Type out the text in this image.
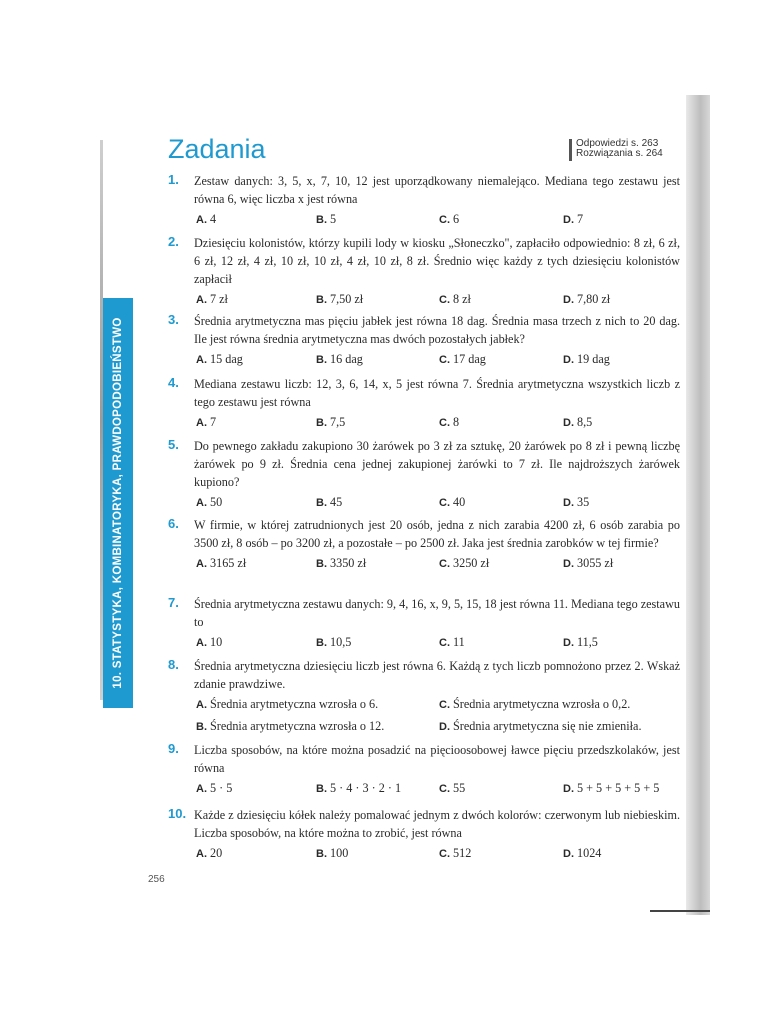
10. STATYSTYKA, KOMBINATORYKA, PRAWDOPODOBIEŃSTWO
Zadania	Odpowiedzi s. 263
Rozwiązania s. 264
1. Zestaw danych: 3, 5, x, 7, 10, 12 jest uporządkowany niemalejąco. Mediana tego zestawu jest równa 6, więc liczba x jest równa
A. 4	B. 5	C. 6	D. 7
2. Dziesięciu kolonistów, którzy kupili lody w kiosku „Słoneczko", zapłaciło odpowiednio: 8 zł, 6 zł, 6 zł, 12 zł, 4 zł, 10 zł, 10 zł, 4 zł, 10 zł, 8 zł. Średnio więc każdy z tych dziesięciu kolonistów zapłacił
A. 7 zł	B. 7,50 zł	C. 8 zł	D. 7,80 zł
3. Średnia arytmetyczna mas pięciu jabłek jest równa 18 dag. Średnia masa trzech z nich to 20 dag. Ile jest równa średnia arytmetyczna mas dwóch pozostałych jabłek?
A. 15 dag	B. 16 dag	C. 17 dag	D. 19 dag
4. Mediana zestawu liczb: 12, 3, 6, 14, x, 5 jest równa 7. Średnia arytmetyczna wszystkich liczb z tego zestawu jest równa
A. 7	B. 7,5	C. 8	D. 8,5
5. Do pewnego zakładu zakupiono 30 żarówek po 3 zł za sztukę, 20 żarówek po 8 zł i pewną liczbę żarówek po 9 zł. Średnia cena jednej zakupionej żarówki to 7 zł. Ile najdroższych żarówek kupiono?
A. 50	B. 45	C. 40	D. 35
6. W firmie, w której zatrudnionych jest 20 osób, jedna z nich zarabia 4200 zł, 6 osób zarabia po 3500 zł, 8 osób – po 3200 zł, a pozostałe – po 2500 zł. Jaka jest średnia zarobków w tej firmie?
A. 3165 zł	B. 3350 zł	C. 3250 zł	D. 3055 zł
7. Średnia arytmetyczna zestawu danych: 9, 4, 16, x, 9, 5, 15, 18 jest równa 11. Mediana tego zestawu to
A. 10	B. 10,5	C. 11	D. 11,5
8. Średnia arytmetyczna dziesięciu liczb jest równa 6. Każdą z tych liczb pomnożono przez 2. Wskaż zdanie prawdziwe.
A. Średnia arytmetyczna wzrosła o 6.	C. Średnia arytmetyczna wzrosła o 0,2.
B. Średnia arytmetyczna wzrosła o 12.	D. Średnia arytmetyczna się nie zmieniła.
9. Liczba sposobów, na które można posadzić na pięcioosobowej ławce pięciu przedszkolaków, jest równa
A. 5 · 5	B. 5 · 4 · 3 · 2 · 1	C. 55	D. 5 + 5 + 5 + 5 + 5
10. Każde z dziesięciu kółek należy pomalować jednym z dwóch kolorów: czerwonym lub niebieskim. Liczba sposobów, na które można to zrobić, jest równa
A. 20	B. 100	C. 512	D. 1024
256
